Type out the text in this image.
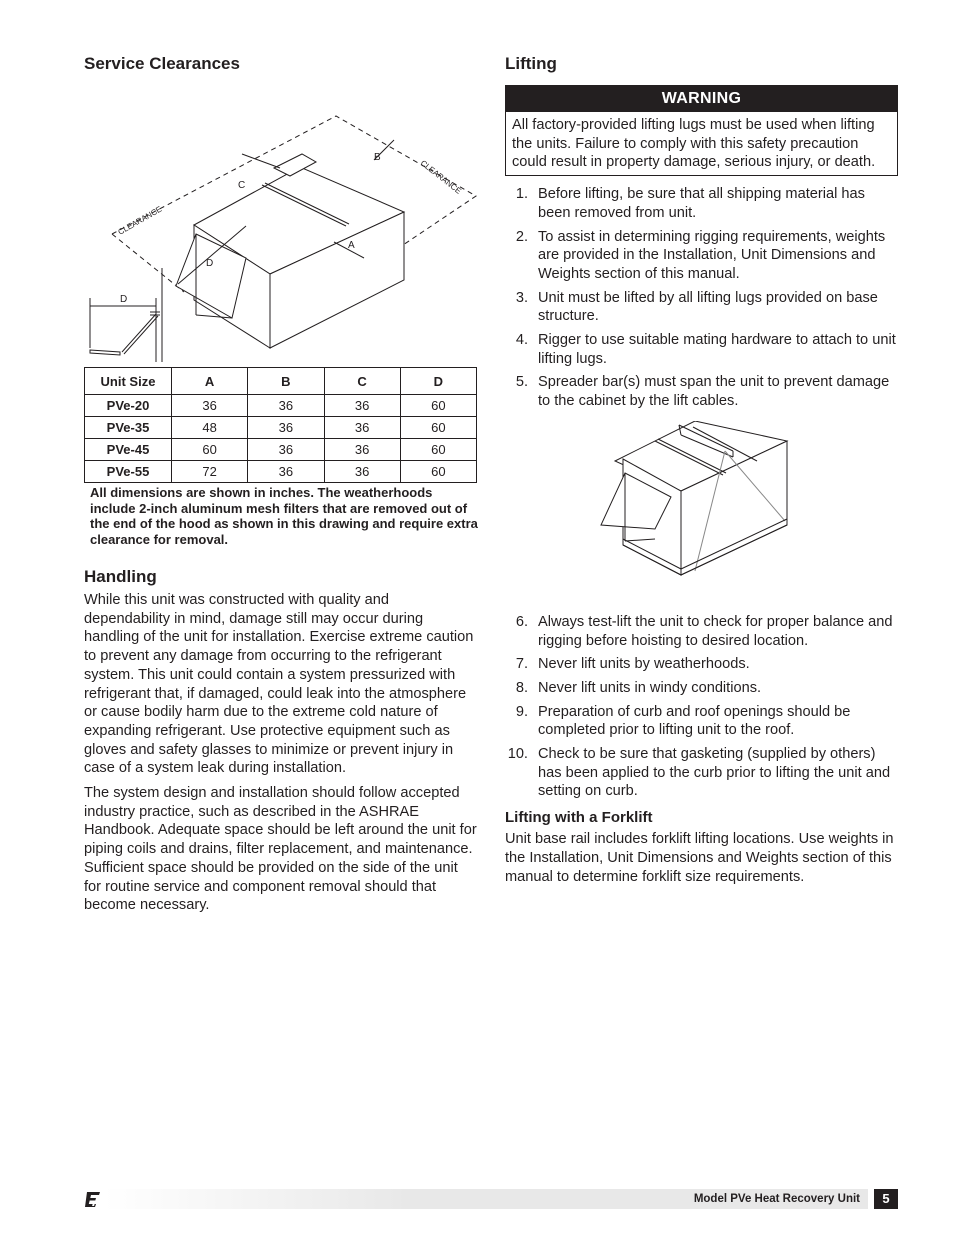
Service Clearances
CLEARANCE
CLEARANCE
B
C
A
D
D
Unit Size	A	B	C	D
PVe-20	36	36	36	60
PVe-35	48	36	36	60
PVe-45	60	36	36	60
PVe-55	72	36	36	60
All dimensions are shown in inches. The weatherhoods include 2-inch aluminum mesh filters that are removed out of the end of the hood as shown in this drawing and require extra clearance for removal.
Handling

While this unit was constructed with quality and dependability in mind, damage still may occur during handling of the unit for installation. Exercise extreme caution to prevent any damage from occurring to the refrigerant system. This unit could contain a system pressurized with refrigerant that, if damaged, could leak into the atmosphere or cause bodily harm due to the extreme cold nature of expanding refrigerant. Use protective equipment such as gloves and safety glasses to minimize or prevent injury in case of a system leak during installation.

The system design and installation should follow accepted industry practice, such as described in the ASHRAE Handbook. Adequate space should be left around the unit for piping coils and drains, filter replacement, and maintenance. Sufficient space should be provided on the side of the unit for routine service and component removal should that become necessary.

Lifting
WARNING
All factory-provided lifting lugs must be used when lifting the units. Failure to comply with this safety precaution could result in property damage, serious injury, or death.
1. Before lifting, be sure that all shipping material has been removed from unit.
2. To assist in determining rigging requirements, weights are provided in the Installation, Unit Dimensions and Weights section of this manual.
3. Unit must be lifted by all lifting lugs provided on base structure.
4. Rigger to use suitable mating hardware to attach to unit lifting lugs.
5. Spreader bar(s) must span the unit to prevent damage to the cabinet by the lift cables.
6. Always test-lift the unit to check for proper balance and rigging before hoisting to desired location.
7. Never lift units by weatherhoods.
8. Never lift units in windy conditions.
9. Preparation of curb and roof openings should be completed prior to lifting unit to the roof.
10. Check to be sure that gasketing (supplied by others) has been applied to the curb prior to lifting the unit and setting on curb.
Lifting with a Forklift

Unit base rail includes forklift lifting locations. Use weights in the Installation, Unit Dimensions and Weights section of this manual to determine forklift size requirements.

Model PVe Heat Recovery Unit	5
